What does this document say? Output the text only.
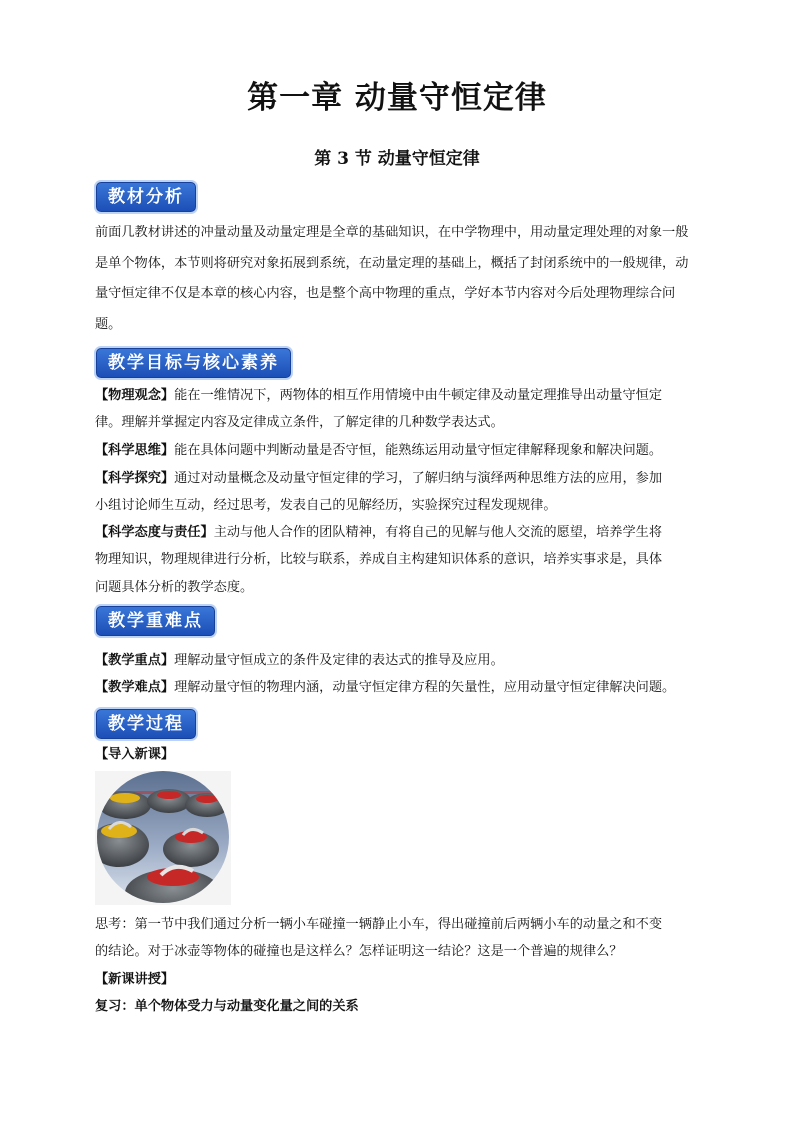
第一章 动量守恒定律
第 3 节 动量守恒定律
教材分析
前面几教材讲述的冲量动量及动量定理是全章的基础知识，在中学物理中，用动量定理处理的对象一般是单个物体，本节则将研究对象拓展到系统，在动量定理的基础上，概括了封闭系统中的一般规律，动量守恒定律不仅是本章的核心内容，也是整个高中物理的重点，学好本节内容对今后处理物理综合问题。
教学目标与核心素养
【物理观念】能在一维情况下，两物体的相互作用情境中由牛顿定律及动量定理推导出动量守恒定
律。理解并掌握定内容及定律成立条件，了解定律的几种数学表达式。
【科学思维】能在具体问题中判断动量是否守恒，能熟练运用动量守恒定律解释现象和解决问题。
【科学探究】通过对动量概念及动量守恒定律的学习，了解归纳与演绎两种思维方法的应用，参加
小组讨论师生互动，经过思考，发表自己的见解经历，实验探究过程发现规律。
【科学态度与责任】主动与他人合作的团队精神，有将自己的见解与他人交流的愿望，培养学生将
物理知识，物理规律进行分析，比较与联系，养成自主构建知识体系的意识，培养实事求是，具体
问题具体分析的教学态度。
教学重难点
【教学重点】理解动量守恒成立的条件及定律的表达式的推导及应用。
【教学难点】理解动量守恒的物理内涵，动量守恒定律方程的矢量性，应用动量守恒定律解决问题。
教学过程
【导入新课】
思考：第一节中我们通过分析一辆小车碰撞一辆静止小车，得出碰撞前后两辆小车的动量之和不变
的结论。对于冰壶等物体的碰撞也是这样么？怎样证明这一结论？这是一个普遍的规律么？
【新课讲授】
复习：单个物体受力与动量变化量之间的关系
